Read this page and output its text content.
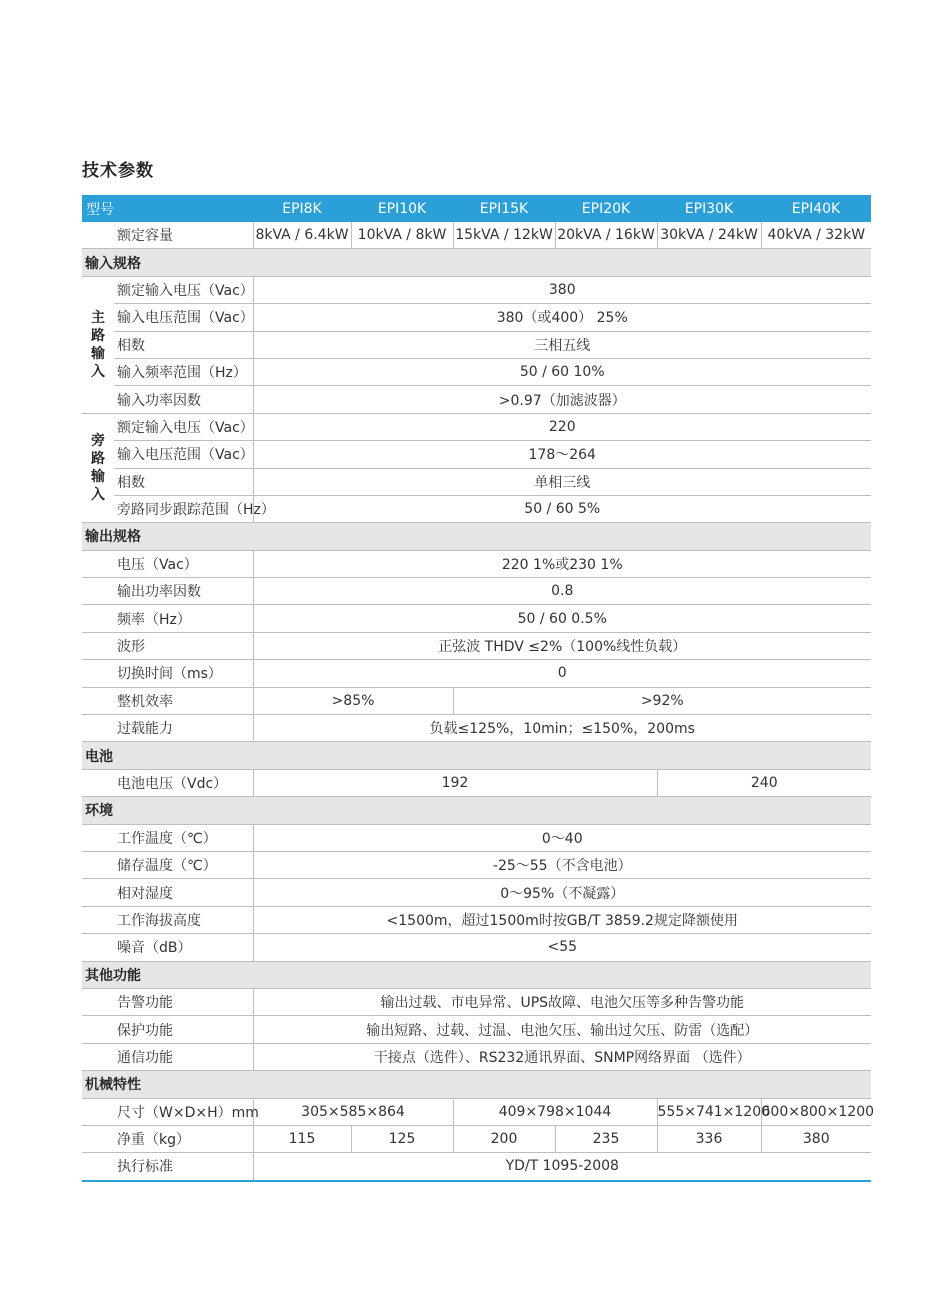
技术参数
型号		EPI8K	EPI10K	EPI15K	EPI20K	EPI30K	EPI40K
	额定容量	8kVA / 6.4kW	10kVA / 8kW	15kVA / 12kW	20kVA / 16kW	30kVA / 24kW	40kVA / 32kW
输入规格							
主
路
输
入	额定输入电压（Vac）	380					
	输入电压范围（Vac）	380（或400） 25%					
	相数	三相五线					
	输入频率范围（Hz）	50 / 60 10%					
	输入功率因数	>0.97（加滤波器）					
旁
路
输
入	额定输入电压（Vac）	220					
	输入电压范围（Vac）	178～264					
	相数	单相三线					
	旁路同步跟踪范围（Hz）	50 / 60 5%					
输出规格							
	电压（Vac）	220 1%或230 1%					
	输出功率因数	0.8					
	频率（Hz）	50 / 60 0.5%					
	波形	正弦波 THDV ≤2%（100%线性负载）					
	切换时间（ms）	0					
	整机效率	>85%		>92%			
	过载能力	负载≤125%，10min；≤150%，200ms					
电池							
	电池电压（Vdc）	192				240	
环境							
	工作温度（℃）	0～40					
	储存温度（℃）	-25～55（不含电池）					
	相对湿度	0～95%（不凝露）					
	工作海拔高度	<1500m，超过1500m时按GB/T 3859.2规定降额使用					
	噪音（dB）	<55					
其他功能							
	告警功能	输出过载、市电异常、UPS故障、电池欠压等多种告警功能					
	保护功能	输出短路、过载、过温、电池欠压、输出过欠压、防雷（选配）					
	通信功能	干接点（选件）、RS232通讯界面、SNMP网络界面 （选件）					
机械特性							
	尺寸（W×D×H）mm	305×585×864		409×798×1044		555×741×1200	600×800×1200
	净重（kg）	115	125	200	235	336	380
	执行标准	YD/T 1095-2008					
